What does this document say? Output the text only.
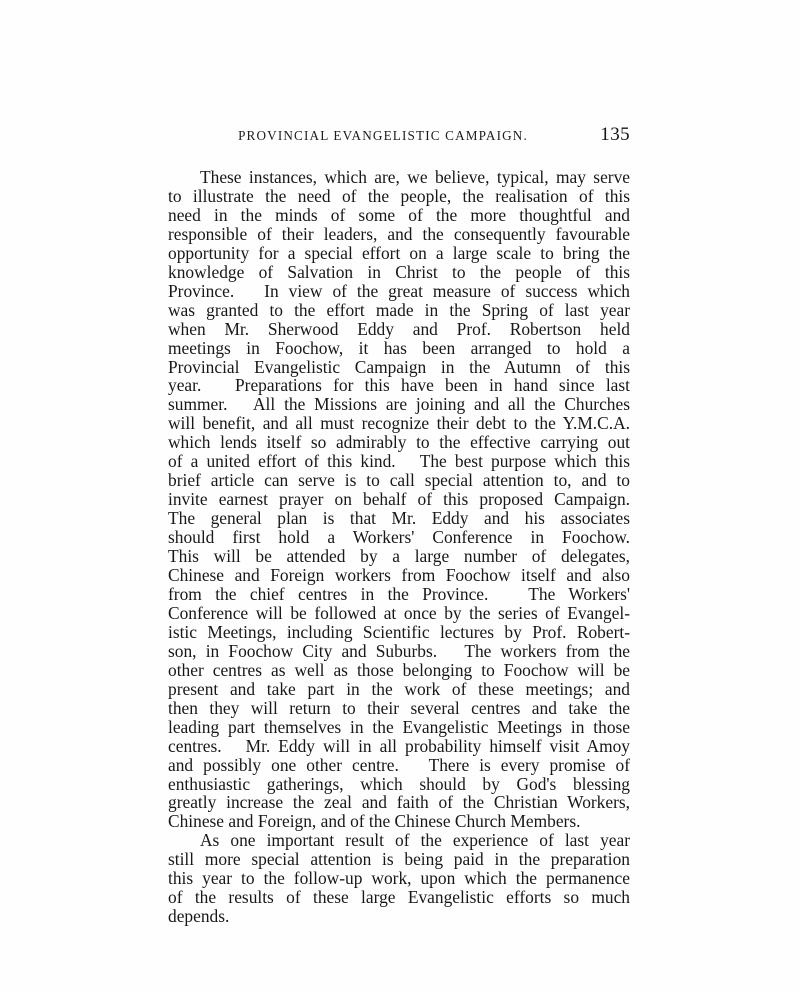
PROVINCIAL EVANGELISTIC CAMPAIGN.	135
These instances, which are, we believe, typical, may serve
to illustrate the need of the people, the realisation of this
need in the minds of some of the more thoughtful and
responsible of their leaders, and the consequently favourable
opportunity for a special effort on a large scale to bring the
knowledge of Salvation in Christ to the people of this
Province.   In view of the great measure of success which
was granted to the effort made in the Spring of last year
when Mr. Sherwood Eddy and Prof. Robertson held
meetings in Foochow, it has been arranged to hold a
Provincial Evangelistic Campaign in the Autumn of this
year.   Preparations for this have been in hand since last
summer.   All the Missions are joining and all the Churches
will benefit, and all must recognize their debt to the Y.M.C.A.
which lends itself so admirably to the effective carrying out
of a united effort of this kind.   The best purpose which this
brief article can serve is to call special attention to, and to
invite earnest prayer on behalf of this proposed Campaign.
The general plan is that Mr. Eddy and his associates
should first hold a Workers' Conference in Foochow.
This will be attended by a large number of delegates,
Chinese and Foreign workers from Foochow itself and also
from the chief centres in the Province.   The Workers'
Conference will be followed at once by the series of Evangel-
istic Meetings, including Scientific lectures by Prof. Robert-
son, in Foochow City and Suburbs.   The workers from the
other centres as well as those belonging to Foochow will be
present and take part in the work of these meetings; and
then they will return to their several centres and take the
leading part themselves in the Evangelistic Meetings in those
centres.   Mr. Eddy will in all probability himself visit Amoy
and possibly one other centre.   There is every promise of
enthusiastic gatherings, which should by God's blessing
greatly increase the zeal and faith of the Christian Workers,
Chinese and Foreign, and of the Chinese Church Members.
As one important result of the experience of last year
still more special attention is being paid in the preparation
this year to the follow-up work, upon which the permanence
of the results of these large Evangelistic efforts so much
depends.
